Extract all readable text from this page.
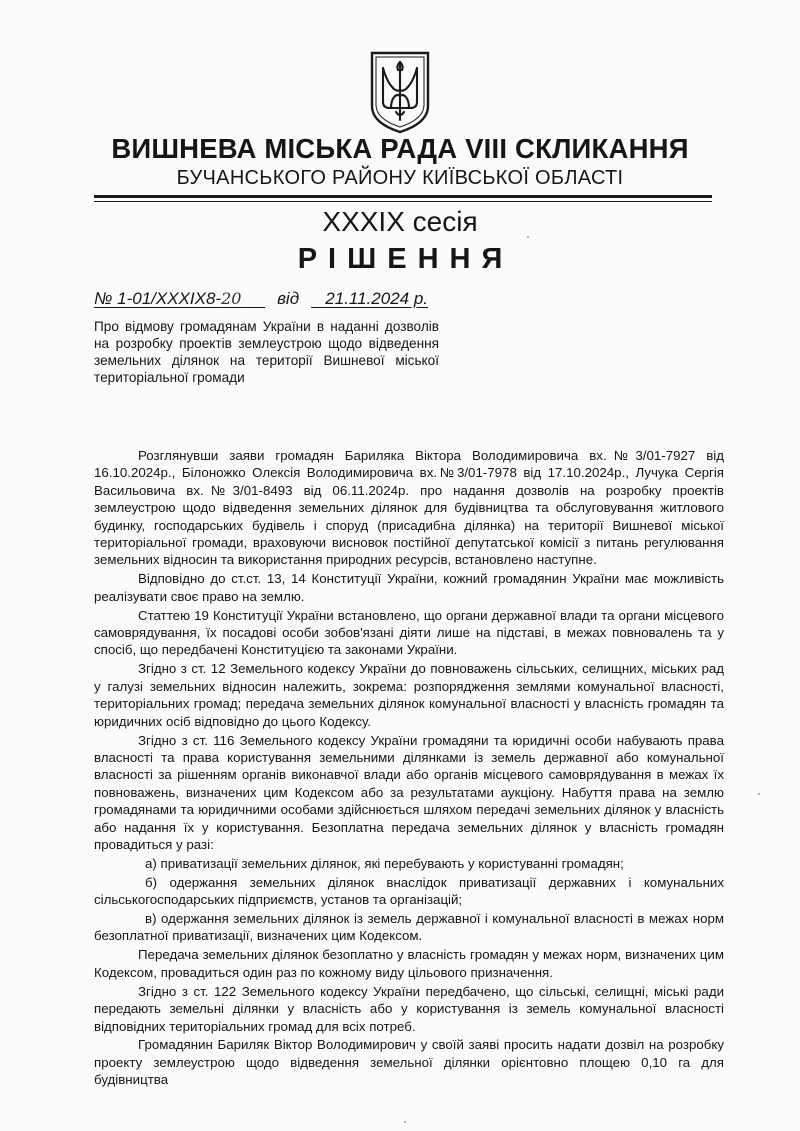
ВИШНЕВА МІСЬКА РАДА VIII СКЛИКАННЯ
БУЧАНСЬКОГО РАЙОНУ КИЇВСЬКОЇ ОБЛАСТІ
XXXIX сесія
РІШЕННЯ
№ 1-01/XXXIX8-20 від 21.11.2024 р.
Про відмову громадянам України в наданні дозволів на розробку проектів землеустрою щодо відведення земельних ділянок на території Вишневої міської територіальної громади

Розглянувши заяви громадян Бариляка Віктора Володимировича вх.№3/01-7927 від 16.10.2024р., Білоножко Олексія Володимировича вх.№3/01-7978 від 17.10.2024р., Лучука Сергія Васильовича вх.№3/01-8493 від 06.11.2024р. про надання дозволів на розробку проектів землеустрою щодо відведення земельних ділянок для будівництва та обслуговування житлового будинку, господарських будівель і споруд (присадибна ділянка) на території Вишневої міської територіальної громади, враховуючи висновок постійної депутатської комісії з питань регулювання земельних відносин та використання природних ресурсів, встановлено наступне.

Відповідно до ст.ст. 13, 14 Конституції України, кожний громадянин України має можливість реалізувати своє право на землю.

Статтею 19 Конституції України встановлено, що органи державної влади та органи місцевого самоврядування, їх посадові особи зобов'язані діяти лише на підставі, в межах повновалень та у спосіб, що передбачені Конституцією та законами України.

Згідно з ст. 12 Земельного кодексу України до повноважень сільських, селищних, міських рад у галузі земельних відносин належить, зокрема: розпорядження землями комунальної власності, територіальних громад; передача земельних ділянок комунальної власності у власність громадян та юридичних осіб відповідно до цього Кодексу.

Згідно з ст. 116 Земельного кодексу України громадяни та юридичні особи набувають права власності та права користування земельними ділянками із земель державної або комунальної власності за рішенням органів виконавчої влади або органів місцевого самоврядування в межах їх повноважень, визначених цим Кодексом або за результатами аукціону. Набуття права на землю громадянами та юридичними особами здійснюється шляхом передачі земельних ділянок у власність або надання їх у користування. Безоплатна передача земельних ділянок у власність громадян провадиться у разі:

а) приватизації земельних ділянок, які перебувають у користуванні громадян;

б) одержання земельних ділянок внаслідок приватизації державних і комунальних сільськогосподарських підприємств, установ та організацій;

в) одержання земельних ділянок із земель державної і комунальної власності в межах норм безоплатної приватизації, визначених цим Кодексом.

Передача земельних ділянок безоплатно у власність громадян у межах норм, визначених цим Кодексом, провадиться один раз по кожному виду цільового призначення.

Згідно з ст. 122 Земельного кодексу України передбачено, що сільські, селищні, міські ради передають земельні ділянки у власність або у користування із земель комунальної власності відповідних територіальних громад для всіх потреб.

Громадянин Бариляк Віктор Володимирович у своїй заяві просить надати дозвіл на розробку проекту землеустрою щодо відведення земельної ділянки орієнтовно площею 0,10 га для будівництва
